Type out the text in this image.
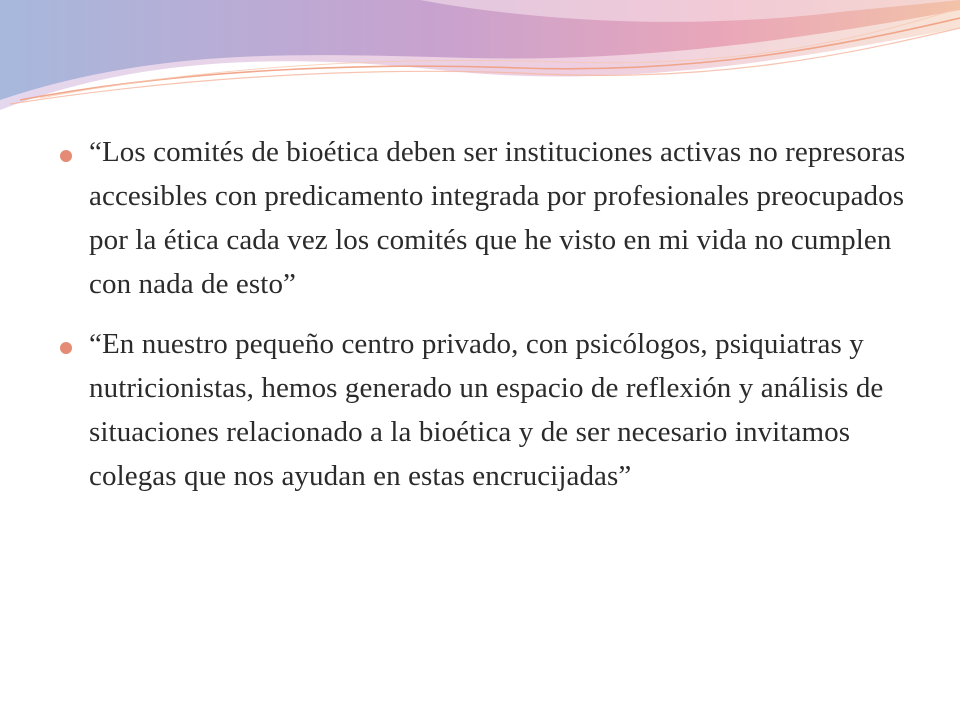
“Los comités de bioética deben ser instituciones activas no represoras accesibles con predicamento integrada por profesionales preocupados por la ética cada vez los comités que he visto en mi vida no cumplen con nada de esto”
“En nuestro pequeño centro privado, con psicólogos, psiquiatras y nutricionistas, hemos generado un espacio de reflexión y análisis de situaciones relacionado a la bioética y de ser necesario invitamos colegas que nos ayudan en estas encrucijadas”
